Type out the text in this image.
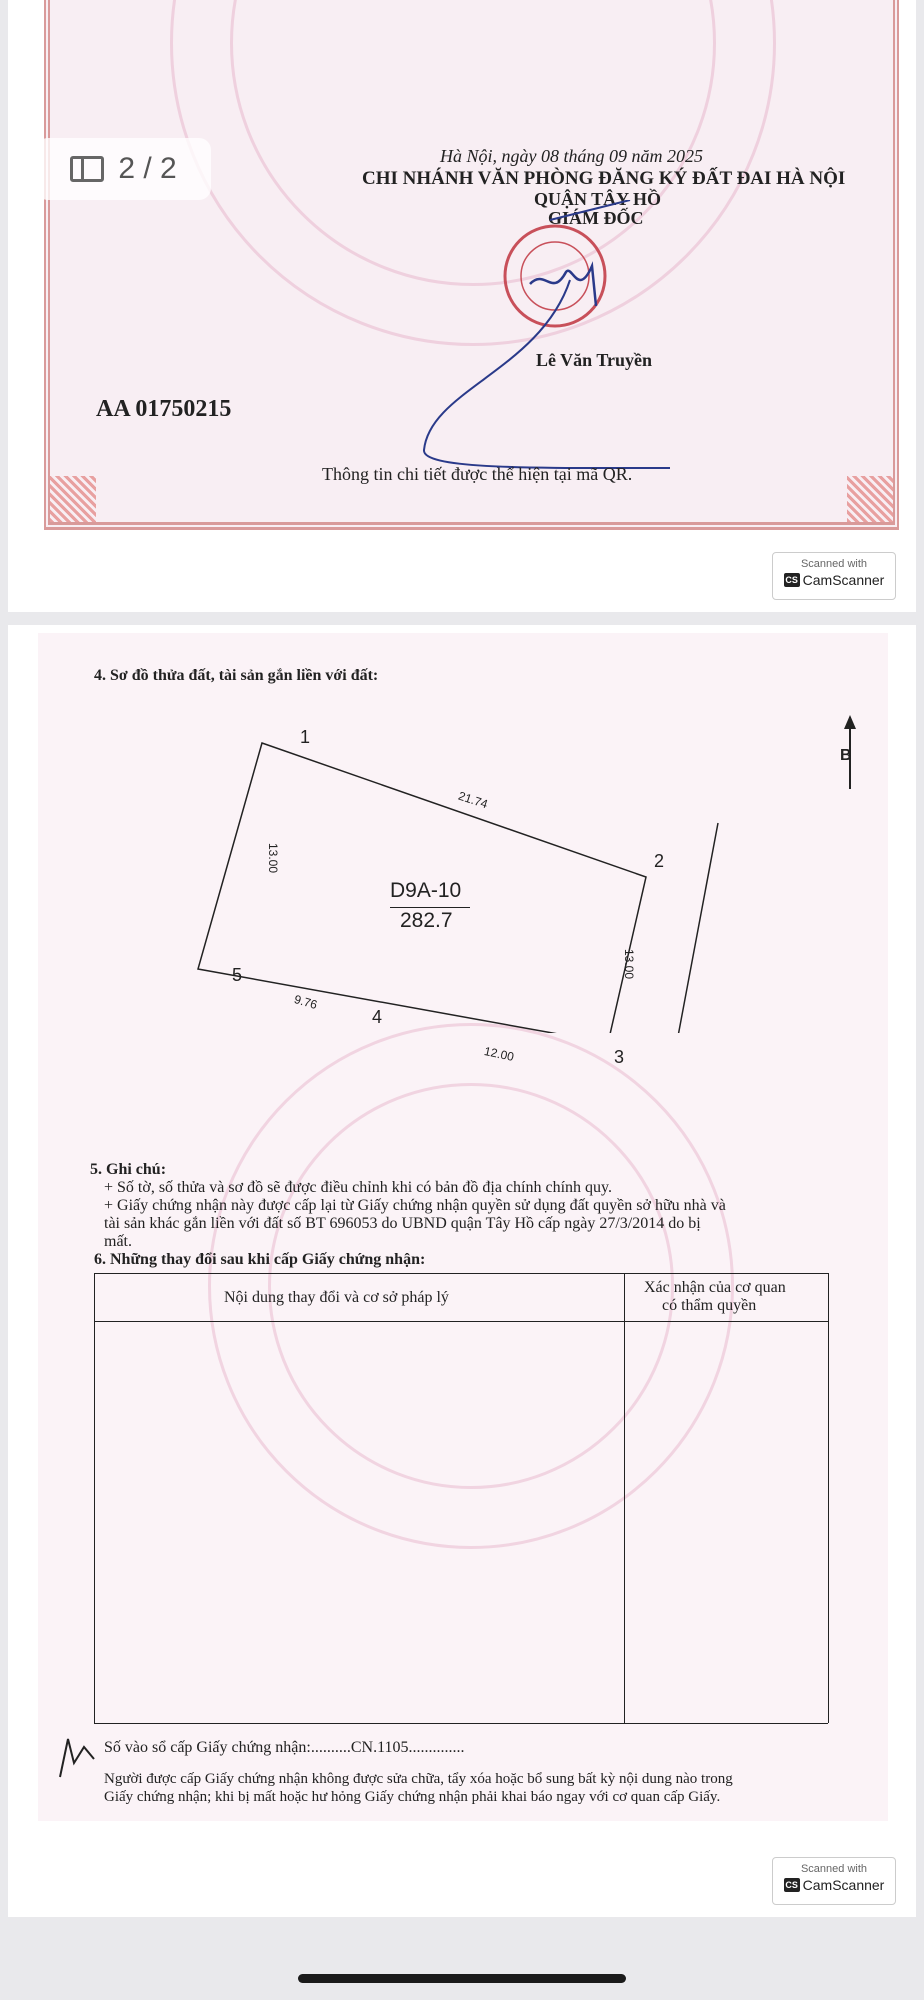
Hà Nội, ngày 08 tháng 09 năm 2025
CHI NHÁNH VĂN PHÒNG ĐĂNG KÝ ĐẤT ĐAI HÀ NỘI
QUẬN TÂY HỒ
GIÁM ĐỐC
Lê Văn Truyền
AA 01750215
Thông tin chi tiết được thể hiện tại mã QR.
Scanned with
CS CamScanner
2 / 2
4. Sơ đồ thửa đất, tài sản gắn liền với đất:
B
1
2
3
4
5
21.74
13.00
12.00
9.76
13.00
D9A-10
282.7
5. Ghi chú:
+ Số tờ, số thửa và sơ đồ sẽ được điều chỉnh khi có bản đồ địa chính chính quy.
+ Giấy chứng nhận này được cấp lại từ Giấy chứng nhận quyền sử dụng đất quyền sở hữu nhà và
tài sản khác gắn liền với đất số BT 696053 do UBND quận Tây Hồ cấp ngày 27/3/2014 do bị
mất.
6. Những thay đổi sau khi cấp Giấy chứng nhận:
Nội dung thay đổi và cơ sở pháp lý
Xác nhận của cơ quan
có thẩm quyền
Số vào sổ cấp Giấy chứng nhận:..........CN.1105..............
Người được cấp Giấy chứng nhận không được sửa chữa, tẩy xóa hoặc bổ sung bất kỳ nội dung nào trong
Giấy chứng nhận; khi bị mất hoặc hư hỏng Giấy chứng nhận phải khai báo ngay với cơ quan cấp Giấy.
Scanned with
CS CamScanner
